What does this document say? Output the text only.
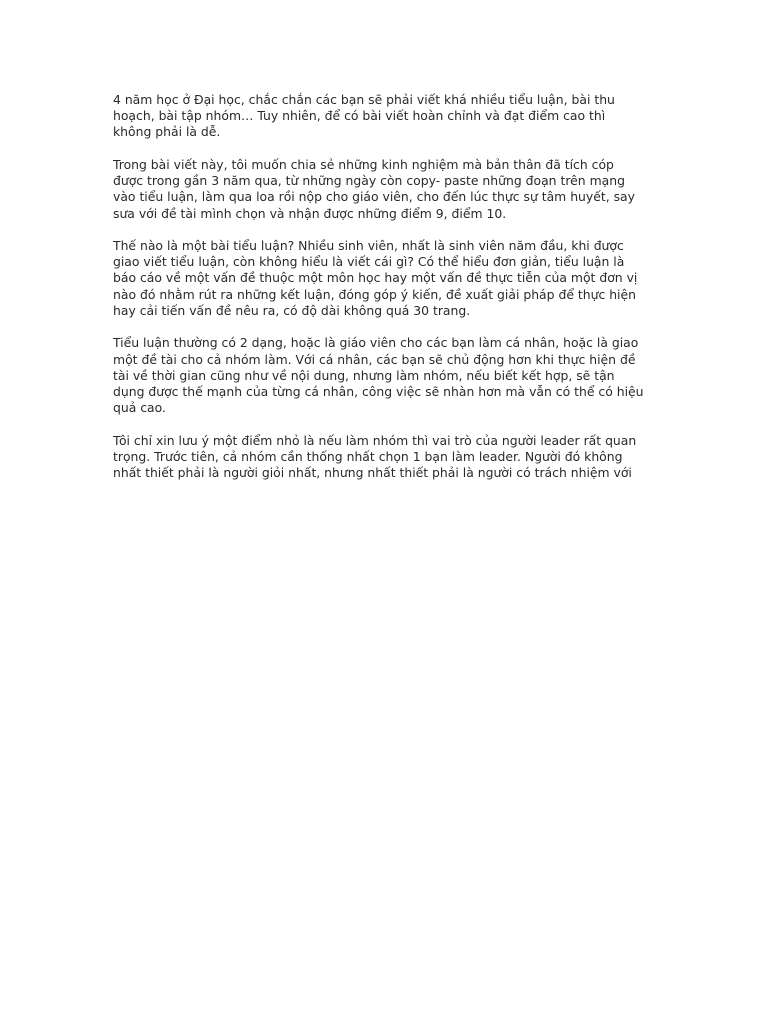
4 năm học ở Đại học, chắc chắn các bạn sẽ phải viết khá nhiều tiểu luận, bài thu
hoạch, bài tập nhóm… Tuy nhiên, để có bài viết hoàn chỉnh và đạt điểm cao thì
không phải là dễ.

Trong bài viết này, tôi muốn chia sẻ những kinh nghiệm mà bản thân đã tích cóp
được trong gần 3 năm qua, từ những ngày còn copy- paste những đoạn trên mạng
vào tiểu luận, làm qua loa rồi nộp cho giáo viên, cho đến lúc thực sự tâm huyết, say
sưa với đề tài mình chọn và nhận được những điểm 9, điểm 10.

Thế nào là một bài tiểu luận? Nhiều sinh viên, nhất là sinh viên năm đầu, khi được
giao viết tiểu luận, còn không hiểu là viết cái gì? Có thể hiểu đơn giản, tiểu luận là
báo cáo về một vấn đề thuộc một môn học hay một vấn đề thực tiễn của một đơn vị
nào đó nhằm rút ra những kết luận, đóng góp ý kiến, đề xuất giải pháp để thực hiện
hay cải tiến vấn đề nêu ra, có độ dài không quá 30 trang.

Tiểu luận thường có 2 dạng, hoặc là giáo viên cho các bạn làm cá nhân, hoặc là giao
một đề tài cho cả nhóm làm. Với cá nhân, các bạn sẽ chủ động hơn khi thực hiện đề
tài về thời gian cũng như về nội dung, nhưng làm nhóm, nếu biết kết hợp, sẽ tận
dụng được thế mạnh của từng cá nhân, công việc sẽ nhàn hơn mà vẫn có thể có hiệu
quả cao.

Tôi chỉ xin lưu ý một điểm nhỏ là nếu làm nhóm thì vai trò của người leader rất quan
trọng. Trước tiên, cả nhóm cần thống nhất chọn 1 bạn làm leader. Người đó không
nhất thiết phải là người giỏi nhất, nhưng nhất thiết phải là người có trách nhiệm với
